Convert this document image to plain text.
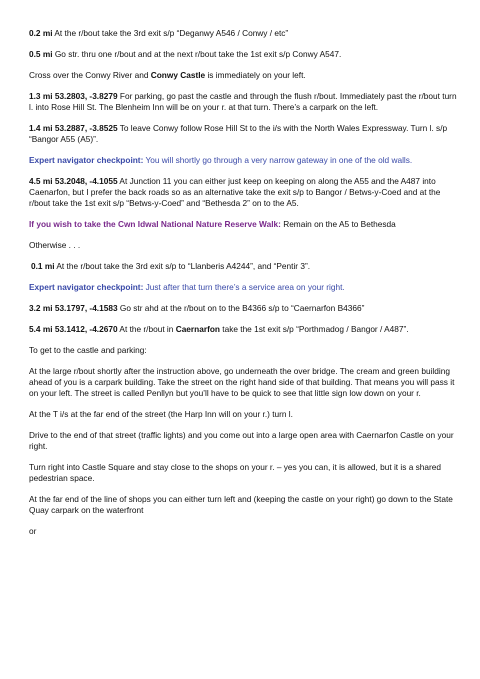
0.2 mi At the r/bout take the 3rd exit s/p “Deganwy A546 / Conwy / etc”

0.5 mi Go str. thru one r/bout and at the next r/bout take the 1st exit s/p Conwy A547.

Cross over the Conwy River and Conwy Castle is immediately on your left.

1.3 mi 53.2803, -3.8279 For parking, go past the castle and through the flush r/bout. Immediately past the r/bout turn l. into Rose Hill St. The Blenheim Inn will be on your r. at that turn. There’s a carpark on the left.

1.4 mi 53.2887, -3.8525 To leave Conwy follow Rose Hill St to the i/s with the North Wales Expressway. Turn l. s/p “Bangor A55 (A5)”.

Expert navigator checkpoint: You will shortly go through a very narrow gateway in one of the old walls.

4.5 mi 53.2048, -4.1055 At Junction 11 you can either just keep on keeping on along the A55 and the A487 into Caenarfon, but I prefer the back roads so as an alternative take the exit s/p to Bangor / Betws-y-Coed and at the r/bout take the 1st exit s/p “Betws-y-Coed” and “Bethesda 2” on to the A5.

If you wish to take the Cwn Idwal National Nature Reserve Walk: Remain on the A5 to Bethesda

Otherwise . . .

0.1 mi At the r/bout take the 3rd exit s/p to “Llanberis A4244”, and “Pentir 3”.

Expert navigator checkpoint: Just after that turn there’s a service area on your right.

3.2 mi 53.1797, -4.1583 Go str ahd at the r/bout on to the B4366 s/p to “Caernarfon B4366”

5.4 mi 53.1412, -4.2670 At the r/bout in Caernarfon take the 1st exit s/p “Porthmadog / Bangor / A487”.

To get to the castle and parking:

At the large r/bout shortly after the instruction above, go underneath the over bridge. The cream and green building ahead of you is a carpark building. Take the street on the right hand side of that building. That means you will pass it on your left. The street is called Penllyn but you’ll have to be quick to see that little sign low down on your r.

At the T i/s at the far end of the street (the Harp Inn will on your r.) turn l.

Drive to the end of that street (traffic lights) and you come out into a large open area with Caernarfon Castle on your right.

Turn right into Castle Square and stay close to the shops on your r. – yes you can, it is allowed, but it is a shared pedestrian space.

At the far end of the line of shops you can either turn left and (keeping the castle on your right) go down to the State Quay carpark on the waterfront

or
